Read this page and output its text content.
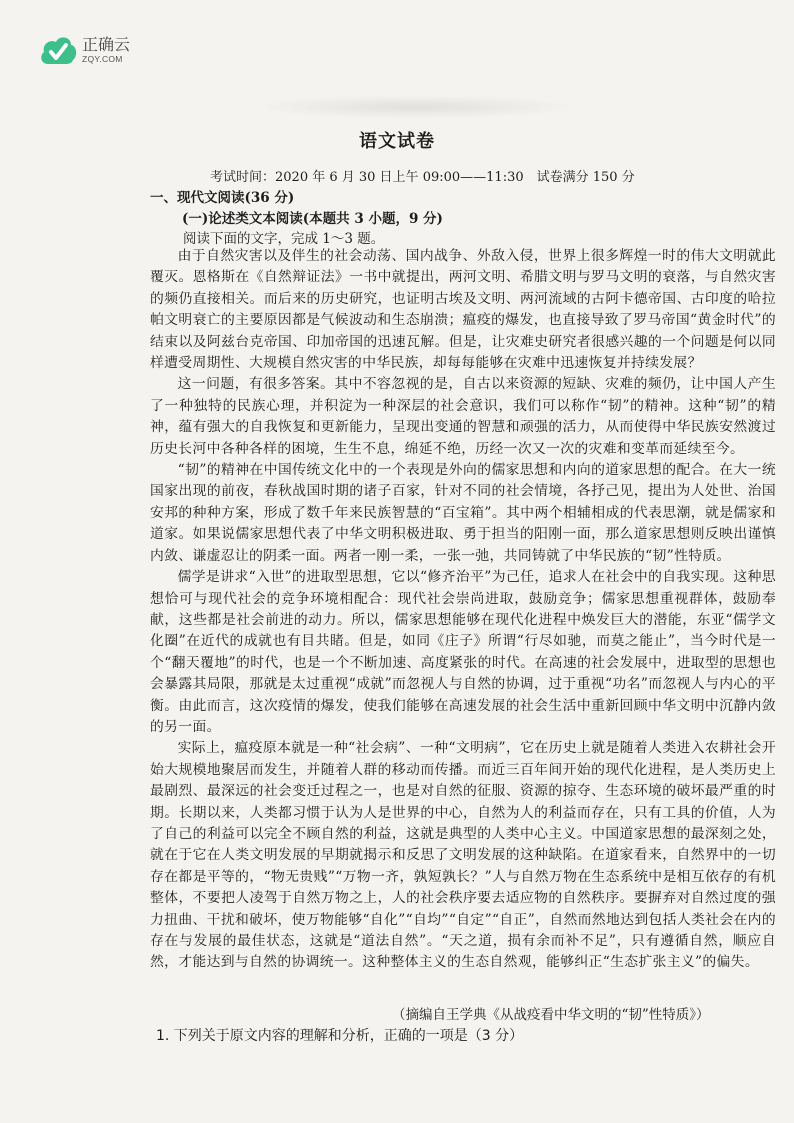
正确云
ZQY.COM
语文试卷
考试时间：2020 年 6 月 30 日上午 09:00——11:30　试卷满分 150 分
一、现代文阅读(36 分)
(一)论述类文本阅读(本题共 3 小题，9 分)
阅读下面的文字，完成 1～3 题。

由于自然灾害以及伴生的社会动荡、国内战争、外敌入侵，世界上很多辉煌一时的伟大文明就此覆灭。恩格斯在《自然辩证法》一书中就提出，两河文明、希腊文明与罗马文明的衰落，与自然灾害的频仍直接相关。而后来的历史研究，也证明古埃及文明、两河流域的古阿卡德帝国、古印度的哈拉帕文明衰亡的主要原因都是气候波动和生态崩溃；瘟疫的爆发，也直接导致了罗马帝国“黄金时代”的结束以及阿兹台克帝国、印加帝国的迅速瓦解。但是，让灾难史研究者很感兴趣的一个问题是何以同样遭受周期性、大规模自然灾害的中华民族，却每每能够在灾难中迅速恢复并持续发展？

这一问题，有很多答案。其中不容忽视的是，自古以来资源的短缺、灾难的频仍，让中国人产生了一种独特的民族心理，并积淀为一种深层的社会意识，我们可以称作“韧”的精神。这种“韧”的精神，蕴有强大的自我恢复和更新能力，呈现出变通的智慧和顽强的活力，从而使得中华民族安然渡过历史长河中各种各样的困境，生生不息，绵延不绝，历经一次又一次的灾难和变革而延续至今。

“韧”的精神在中国传统文化中的一个表现是外向的儒家思想和内向的道家思想的配合。在大一统国家出现的前夜，春秋战国时期的诸子百家，针对不同的社会情境，各抒己见，提出为人处世、治国安邦的种种方案，形成了数千年来民族智慧的“百宝箱”。其中两个相辅相成的代表思潮，就是儒家和道家。如果说儒家思想代表了中华文明积极进取、勇于担当的阳刚一面，那么道家思想则反映出谨慎内敛、谦虚忍让的阴柔一面。两者一刚一柔，一张一弛，共同铸就了中华民族的“韧”性特质。

儒学是讲求“入世”的进取型思想，它以“修齐治平”为己任，追求人在社会中的自我实现。这种思想恰可与现代社会的竞争环境相配合：现代社会崇尚进取，鼓励竞争；儒家思想重视群体，鼓励奉献，这些都是社会前进的动力。所以，儒家思想能够在现代化进程中焕发巨大的潜能，东亚“儒学文化圈”在近代的成就也有目共睹。但是，如同《庄子》所谓“行尽如驰，而莫之能止”，当今时代是一个“翻天覆地”的时代，也是一个不断加速、高度紧张的时代。在高速的社会发展中，进取型的思想也会暴露其局限，那就是太过重视“成就”而忽视人与自然的协调，过于重视“功名”而忽视人与内心的平衡。由此而言，这次疫情的爆发，使我们能够在高速发展的社会生活中重新回顾中华文明中沉静内敛的另一面。

实际上，瘟疫原本就是一种“社会病”、一种“文明病”，它在历史上就是随着人类进入农耕社会开始大规模地聚居而发生，并随着人群的移动而传播。而近三百年间开始的现代化进程，是人类历史上最剧烈、最深远的社会变迁过程之一，也是对自然的征服、资源的掠夺、生态环境的破坏最严重的时期。长期以来，人类都习惯于认为人是世界的中心，自然为人的利益而存在，只有工具的价值，人为了自己的利益可以完全不顾自然的利益，这就是典型的人类中心主义。中国道家思想的最深刻之处，就在于它在人类文明发展的早期就揭示和反思了文明发展的这种缺陷。在道家看来，自然界中的一切存在都是平等的，“物无贵贱”“万物一齐，孰短孰长？”人与自然万物在生态系统中是相互依存的有机整体，不要把人凌驾于自然万物之上，人的社会秩序要去适应物的自然秩序。要摒弃对自然过度的强力扭曲、干扰和破坏，使万物能够“自化”“自均”“自定”“自正”，自然而然地达到包括人类社会在内的存在与发展的最佳状态，这就是“道法自然”。“天之道，损有余而补不足”，只有遵循自然，顺应自然，才能达到与自然的协调统一。这种整体主义的生态自然观，能够纠正“生态扩张主义”的偏失。

（摘编自王学典《从战疫看中华文明的“韧”性特质》）
1. 下列关于原文内容的理解和分析，正确的一项是（3 分）
